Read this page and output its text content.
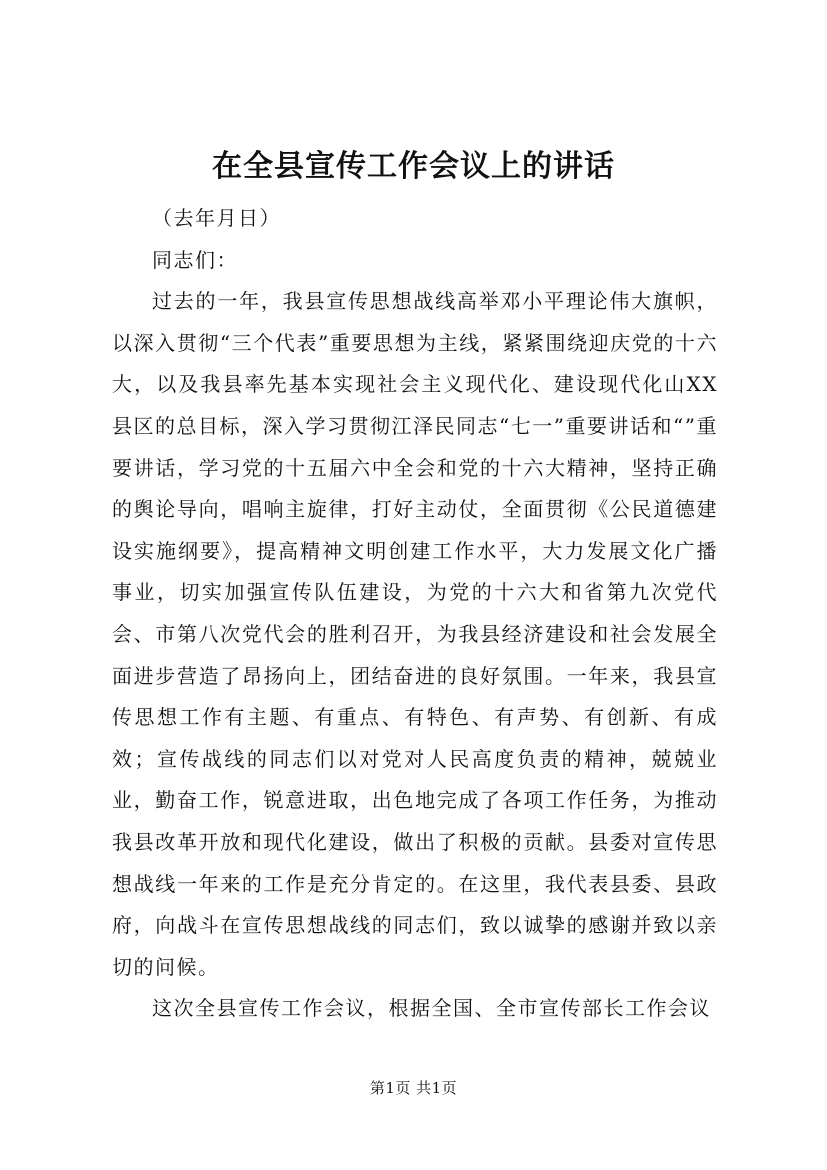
在全县宣传工作会议上的讲话

（去年月日）

同志们：

过去的一年，我县宣传思想战线高举邓小平理论伟大旗帜，以深入贯彻“三个代表”重要思想为主线，紧紧围绕迎庆党的十六大，以及我县率先基本实现社会主义现代化、建设现代化山XX县区的总目标，深入学习贯彻江泽民同志“七一”重要讲话和“”重要讲话，学习党的十五届六中全会和党的十六大精神，坚持正确的舆论导向，唱响主旋律，打好主动仗，全面贯彻《公民道德建设实施纲要》，提高精神文明创建工作水平，大力发展文化广播事业，切实加强宣传队伍建设，为党的十六大和省第九次党代会、市第八次党代会的胜利召开，为我县经济建设和社会发展全面进步营造了昂扬向上，团结奋进的良好氛围。一年来，我县宣传思想工作有主题、有重点、有特色、有声势、有创新、有成效；宣传战线的同志们以对党对人民高度负责的精神，兢兢业业，勤奋工作，锐意进取，出色地完成了各项工作任务，为推动我县改革开放和现代化建设，做出了积极的贡献。县委对宣传思想战线一年来的工作是充分肯定的。在这里，我代表县委、县政府，向战斗在宣传思想战线的同志们，致以诚挚的感谢并致以亲切的问候。

这次全县宣传工作会议，根据全国、全市宣传部长工作会议

第1页 共1页
